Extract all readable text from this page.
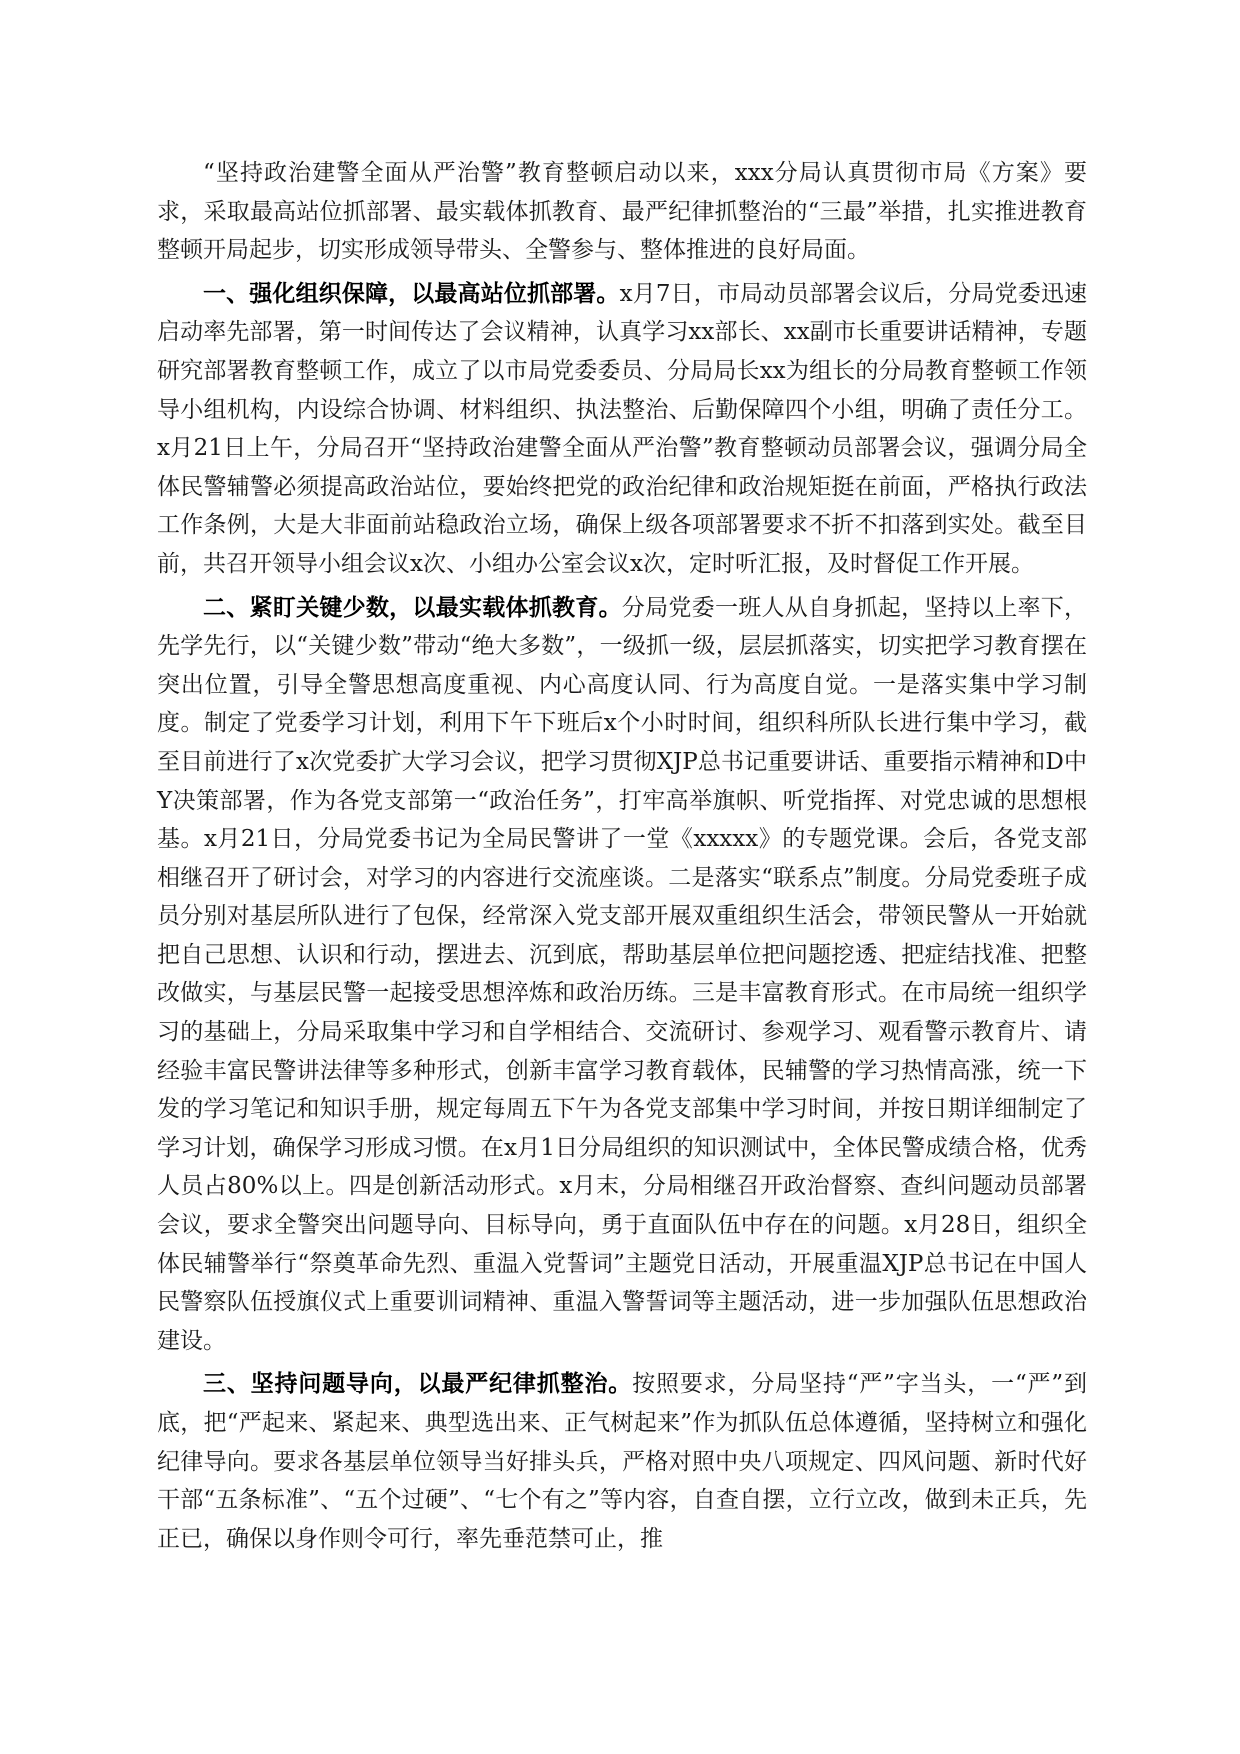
“坚持政治建警全面从严治警”教育整顿启动以来，xxx分局认真贯彻市局《方案》要求，采取最高站位抓部署、最实载体抓教育、最严纪律抓整治的“三最”举措，扎实推进教育整顿开局起步，切实形成领导带头、全警参与、整体推进的良好局面。

一、强化组织保障，以最高站位抓部署。x月7日，市局动员部署会议后，分局党委迅速启动率先部署，第一时间传达了会议精神，认真学习xx部长、xx副市长重要讲话精神，专题研究部署教育整顿工作，成立了以市局党委委员、分局局长xx为组长的分局教育整顿工作领导小组机构，内设综合协调、材料组织、执法整治、后勤保障四个小组，明确了责任分工。x月21日上午，分局召开“坚持政治建警全面从严治警”教育整顿动员部署会议，强调分局全体民警辅警必须提高政治站位，要始终把党的政治纪律和政治规矩挺在前面，严格执行政法工作条例，大是大非面前站稳政治立场，确保上级各项部署要求不折不扣落到实处。截至目前，共召开领导小组会议x次、小组办公室会议x次，定时听汇报，及时督促工作开展。

二、紧盯关键少数，以最实载体抓教育。分局党委一班人从自身抓起，坚持以上率下，先学先行，以“关键少数”带动“绝大多数”，一级抓一级，层层抓落实，切实把学习教育摆在突出位置，引导全警思想高度重视、内心高度认同、行为高度自觉。一是落实集中学习制度。制定了党委学习计划，利用下午下班后x个小时时间，组织科所队长进行集中学习，截至目前进行了x次党委扩大学习会议，把学习贯彻XJP总书记重要讲话、重要指示精神和D中Y决策部署，作为各党支部第一“政治任务”，打牢高举旗帜、听党指挥、对党忠诚的思想根基。x月21日，分局党委书记为全局民警讲了一堂《xxxxx》的专题党课。会后，各党支部相继召开了研讨会，对学习的内容进行交流座谈。二是落实“联系点”制度。分局党委班子成员分别对基层所队进行了包保，经常深入党支部开展双重组织生活会，带领民警从一开始就把自己思想、认识和行动，摆进去、沉到底，帮助基层单位把问题挖透、把症结找准、把整改做实，与基层民警一起接受思想淬炼和政治历练。三是丰富教育形式。在市局统一组织学习的基础上，分局采取集中学习和自学相结合、交流研讨、参观学习、观看警示教育片、请经验丰富民警讲法律等多种形式，创新丰富学习教育载体，民辅警的学习热情高涨，统一下发的学习笔记和知识手册，规定每周五下午为各党支部集中学习时间，并按日期详细制定了学习计划，确保学习形成习惯。在x月1日分局组织的知识测试中，全体民警成绩合格，优秀人员占80%以上。四是创新活动形式。x月末，分局相继召开政治督察、查纠问题动员部署会议，要求全警突出问题导向、目标导向，勇于直面队伍中存在的问题。x月28日，组织全体民辅警举行“祭奠革命先烈、重温入党誓词”主题党日活动，开展重温XJP总书记在中国人民警察队伍授旗仪式上重要训词精神、重温入警誓词等主题活动，进一步加强队伍思想政治建设。

三、坚持问题导向，以最严纪律抓整治。按照要求，分局坚持“严”字当头，一“严”到底，把“严起来、紧起来、典型选出来、正气树起来”作为抓队伍总体遵循，坚持树立和强化纪律导向。要求各基层单位领导当好排头兵，严格对照中央八项规定、四风问题、新时代好干部“五条标准”、“五个过硬”、“七个有之”等内容，自查自摆，立行立改，做到未正兵，先正已，确保以身作则令可行，率先垂范禁可止，推
